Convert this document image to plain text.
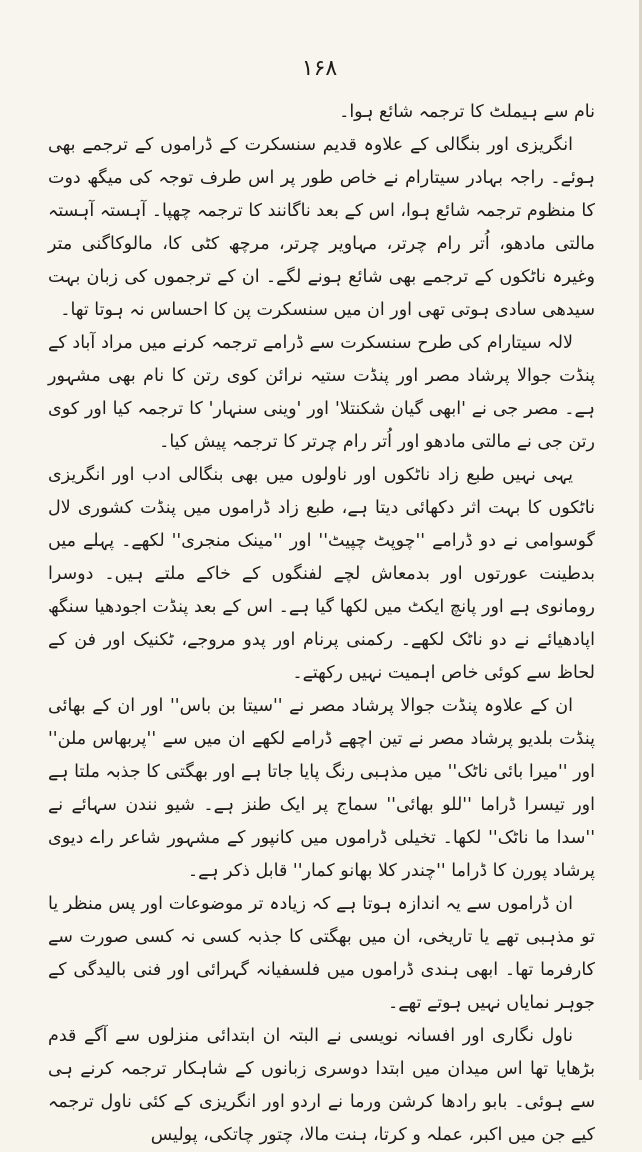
۱۶۸

نام سے ہیملٹ کا ترجمہ شائع ہوا۔

انگریزی اور بنگالی کے علاوہ قدیم سنسکرت کے ڈراموں کے ترجمے بھی ہوئے۔ راجہ بہادر سیتارام نے خاص طور پر اس طرف توجہ کی میگھ دوت کا منظوم ترجمہ شائع ہوا، اس کے بعد ناگانند کا ترجمہ چھپا۔ آہستہ آہستہ مالتی مادھو، اُتر رام چرتر، مہاویر چرتر، مرچھ کٹی کا، مالوکاگنی متر وغیرہ ناٹکوں کے ترجمے بھی شائع ہونے لگے۔ ان کے ترجموں کی زبان بہت سیدھی سادی ہوتی تھی اور ان میں سنسکرت پن کا احساس نہ ہوتا تھا۔

لالہ سیتارام کی طرح سنسکرت سے ڈرامے ترجمہ کرنے میں مراد آباد کے پنڈت جوالا پرشاد مصر اور پنڈت ستیہ نرائن کوی رتن کا نام بھی مشہور ہے۔ مصر جی نے 'ابھی گیان شکنتلا' اور 'وینی سنہار' کا ترجمہ کیا اور کوی رتن جی نے مالتی مادھو اور اُتر رام چرتر کا ترجمہ پیش کیا۔

یہی نہیں طبع زاد ناٹکوں اور ناولوں میں بھی بنگالی ادب اور انگریزی ناٹکوں کا بہت اثر دکھائی دیتا ہے، طبع زاد ڈراموں میں پنڈت کشوری لال گوسوامی نے دو ڈرامے ''چوپٹ چپیٹ'' اور ''مینک منجری'' لکھے۔ پہلے میں بدطینت عورتوں اور بدمعاش لچے لفنگوں کے خاکے ملتے ہیں۔ دوسرا رومانوی ہے اور پانچ ایکٹ میں لکھا گیا ہے۔ اس کے بعد پنڈت اجودھیا سنگھ اپادھیائے نے دو ناٹک لکھے۔ رکمنی پرنام اور پدو مروجے، ٹکنیک اور فن کے لحاظ سے کوئی خاص اہمیت نہیں رکھتے۔

ان کے علاوہ پنڈت جوالا پرشاد مصر نے ''سیتا بن باس'' اور ان کے بھائی پنڈت بلدیو پرشاد مصر نے تین اچھے ڈرامے لکھے ان میں سے ''پربھاس ملن'' اور ''میرا بائی ناٹک'' میں مذہبی رنگ پایا جاتا ہے اور بھگتی کا جذبہ ملتا ہے اور تیسرا ڈراما ''للو بھائی'' سماج پر ایک طنز ہے۔ شیو نندن سہائے نے ''سدا ما ناٹک'' لکھا۔ تخیلی ڈراموں میں کانپور کے مشہور شاعر راے دیوی پرشاد پورن کا ڈراما ''چندر کلا بھانو کمار'' قابل ذکر ہے۔

ان ڈراموں سے یہ اندازہ ہوتا ہے کہ زیادہ تر موضوعات اور پس منظر یا تو مذہبی تھے یا تاریخی، ان میں بھگتی کا جذبہ کسی نہ کسی صورت سے کارفرما تھا۔ ابھی ہندی ڈراموں میں فلسفیانہ گہرائی اور فنی بالیدگی کے جوہر نمایاں نہیں ہوتے تھے۔

ناول نگاری اور افسانہ نویسی نے البتہ ان ابتدائی منزلوں سے آگے قدم بڑھایا تھا اس میدان میں ابتدا دوسری زبانوں کے شاہکار ترجمہ کرنے ہی سے ہوئی۔ بابو رادھا کرشن ورما نے اردو اور انگریزی کے کئی ناول ترجمہ کیے جن میں اکبر، عملہ و کرتا، ہنت مالا، چتور چاتکی، پولیس
